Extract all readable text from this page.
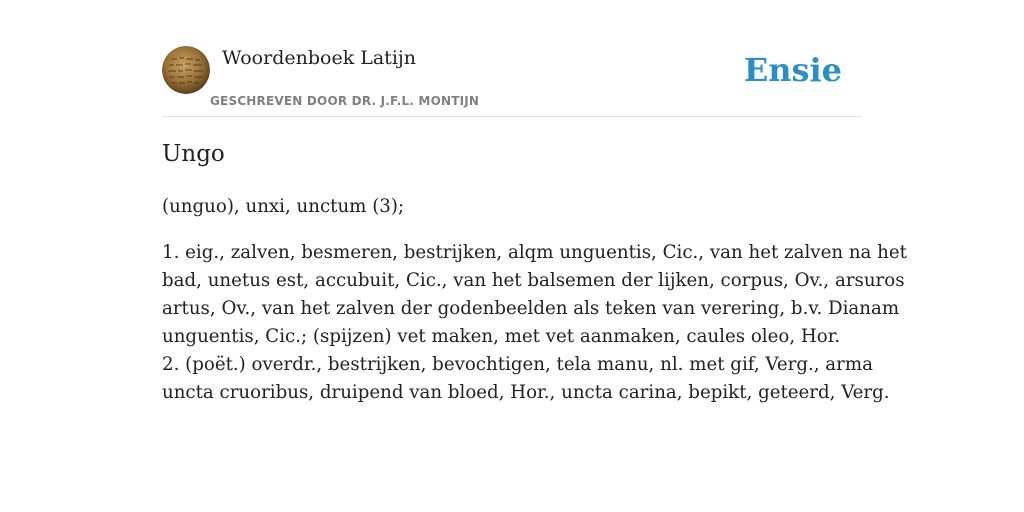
Woordenboek Latijn
GESCHREVEN DOOR DR. J.F.L. MONTIJN
Ensie
Ungo

(unguo), unxi, unctum (3);

1. eig., zalven, besmeren, bestrijken, alqm unguentis, Cic., van het zalven na het
bad, unetus est, accubuit, Cic., van het balsemen der lijken, corpus, Ov., arsuros
artus, Ov., van het zalven der godenbeelden als teken van verering, b.v. Dianam
unguentis, Cic.; (spijzen) vet maken, met vet aanmaken, caules oleo, Hor.
2. (poët.) overdr., bestrijken, bevochtigen, tela manu, nl. met gif, Verg., arma
uncta cruoribus, druipend van bloed, Hor., uncta carina, bepikt, geteerd, Verg.
